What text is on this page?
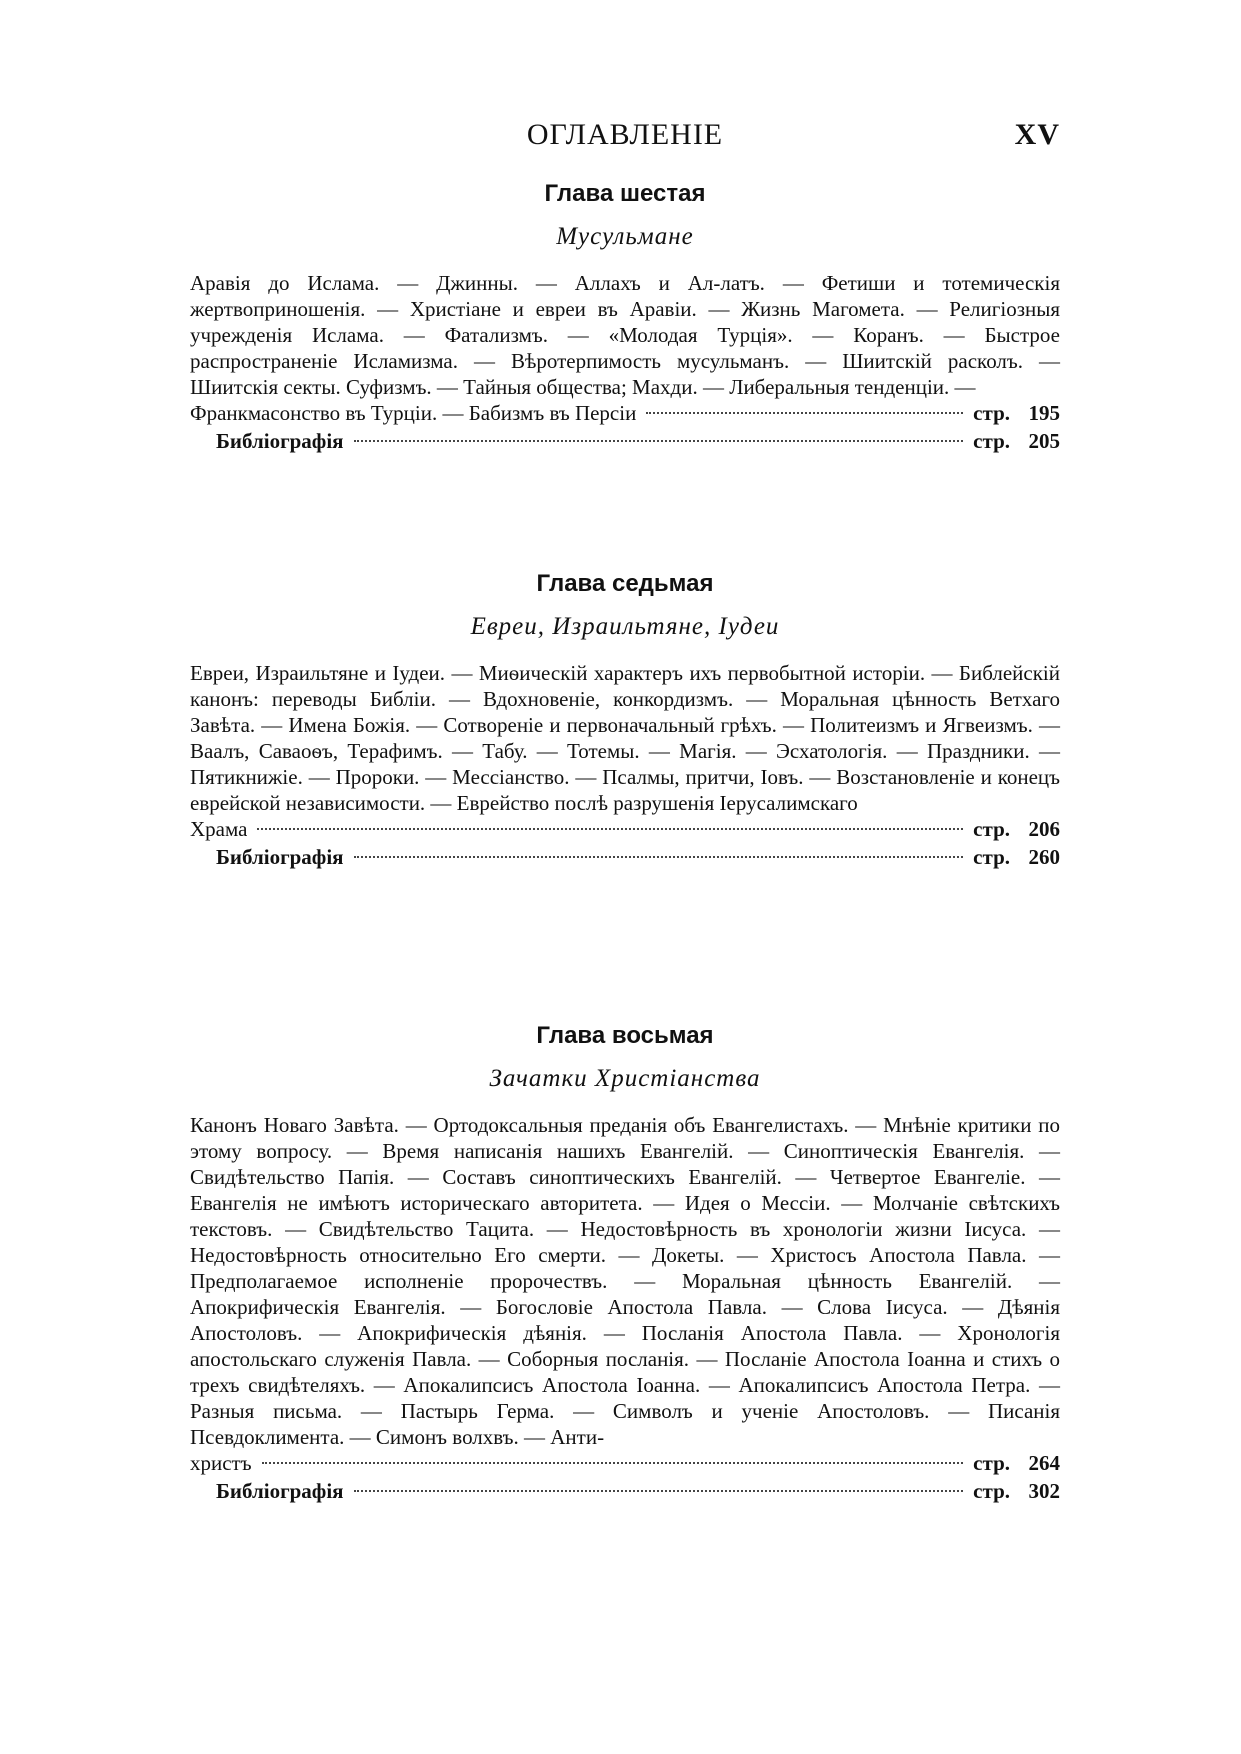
ОГЛАВЛЕНIЕ	XV
Глава шестая
Мусульмане

Аравія до Ислама. — Джинны. — Аллахъ и Ал-латъ. — Фетиши и тотемическія жертвоприношенія. — Христіане и евреи въ Аравіи. — Жизнь Магомета. — Религіозныя учрежденія Ислама. — Фатализмъ. — «Молодая Турція». — Коранъ. — Быстрое распространеніе Исламизма. — Вѣротерпимость мусульманъ. — Шиитскій расколъ. — Шиитскія секты. Суфизмъ. — Тайныя общества; Махди. — Либеральныя тенденціи. —

Франкмасонство въ Турціи. — Бабизмъ въ Персіи	стр. 195
Библіографія	стр. 205
Глава седьмая
Евреи, Израильтяне, Іудеи

Евреи, Израильтяне и Іудеи. — Миѳическій характеръ ихъ первобытной исторіи. — Библейскій канонъ: переводы Библіи. — Вдохновеніе, конкордизмъ. — Моральная цѣнность Ветхаго Завѣта. — Имена Божія. — Сотвореніе и первоначальный грѣхъ. — Политеизмъ и Ягвеизмъ. — Ваалъ, Саваоѳъ, Терафимъ. — Табу. — Тотемы. — Магія. — Эсхатологія. — Праздники. — Пятикнижіе. — Пророки. — Мессіанство. — Псалмы, притчи, Іовъ. — Возстановленіе и конецъ еврейской независимости. — Еврейство послѣ разрушенія Іерусалимскаго

Храма	стр. 206
Библіографія	стр. 260
Глава восьмая
Зачатки Христіанства

Канонъ Новаго Завѣта. — Ортодоксальныя преданія объ Евангелистахъ. — Мнѣніе критики по этому вопросу. — Время написанія нашихъ Евангелій. — Синоптическія Евангелія. — Свидѣтельство Папія. — Составъ синоптическихъ Евангелій. — Четвертое Евангеліе. — Евангелія не имѣютъ историческаго авторитета. — Идея о Мессіи. — Молчаніе свѣтскихъ текстовъ. — Свидѣтельство Тацита. — Недостовѣрность въ хронологіи жизни Іисуса. — Недостовѣрность относительно Его смерти. — Докеты. — Христосъ Апостола Павла. — Предполагаемое исполненіе пророчествъ. — Моральная цѣнность Евангелій. — Апокрифическія Евангелія. — Богословіе Апостола Павла. — Слова Іисуса. — Дѣянія Апостоловъ. — Апокрифическія дѣянія. — Посланія Апостола Павла. — Хронологія апостольскаго служенія Павла. — Соборныя посланія. — Посланіе Апостола Іоанна и стихъ о трехъ свидѣтеляхъ. — Апокалипсисъ Апостола Іоанна. — Апокалипсисъ Апостола Петра. — Разныя письма. — Пастырь Герма. — Символъ и ученіе Апостоловъ. — Писанія Псевдоклимента. — Симонъ волхвъ. — Анти-

христъ	стр. 264
Библіографія	стр. 302
